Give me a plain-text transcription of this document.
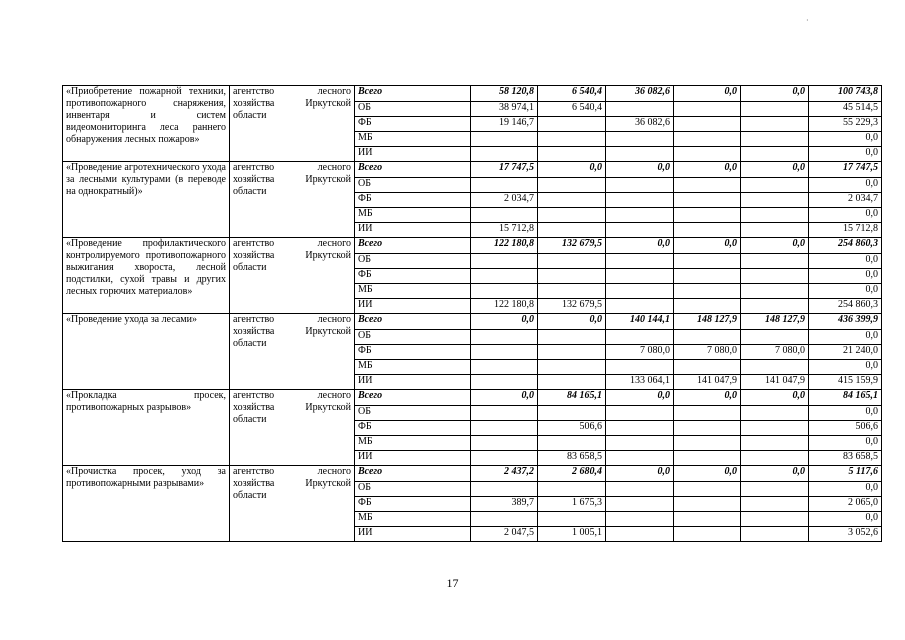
«Приобретение пожарной техники, противопожарного снаряжения, инвентаря и систем видеомониторинга леса раннего обнаружения лесных пожаров»	агентство лесного хозяйства Иркутской области	Всего	58 120,8	6 540,4	36 082,6	0,0	0,0	100 743,8
		ОБ	38 974,1	6 540,4				45 514,5
		ФБ	19 146,7		36 082,6			55 229,3
		МБ						0,0
		ИИ						0,0
«Проведение агротехнического ухода за лесными культурами (в переводе на однократный)»	агентство лесного хозяйства Иркутской области	Всего	17 747,5	0,0	0,0	0,0	0,0	17 747,5
		ОБ						0,0
		ФБ	2 034,7					2 034,7
		МБ						0,0
		ИИ	15 712,8					15 712,8
«Проведение профилактического контролируемого противопожарного выжигания хвороста, лесной подстилки, сухой травы и других лесных горючих материалов»	агентство лесного хозяйства Иркутской области	Всего	122 180,8	132 679,5	0,0	0,0	0,0	254 860,3
		ОБ						0,0
		ФБ						0,0
		МБ						0,0
		ИИ	122 180,8	132 679,5				254 860,3
«Проведение ухода за лесами»	агентство лесного хозяйства Иркутской области	Всего	0,0	0,0	140 144,1	148 127,9	148 127,9	436 399,9
		ОБ						0,0
		ФБ			7 080,0	7 080,0	7 080,0	21 240,0
		МБ						0,0
		ИИ			133 064,1	141 047,9	141 047,9	415 159,9
«Прокладка просек, противопожарных разрывов»	агентство лесного хозяйства Иркутской области	Всего	0,0	84 165,1	0,0	0,0	0,0	84 165,1
		ОБ						0,0
		ФБ		506,6				506,6
		МБ						0,0
		ИИ		83 658,5				83 658,5
«Прочистка просек, уход за противопожарными разрывами»	агентство лесного хозяйства Иркутской области	Всего	2 437,2	2 680,4	0,0	0,0	0,0	5 117,6
		ОБ						0,0
		ФБ	389,7	1 675,3				2 065,0
		МБ						0,0
		ИИ	2 047,5	1 005,1				3 052,6
17
·
